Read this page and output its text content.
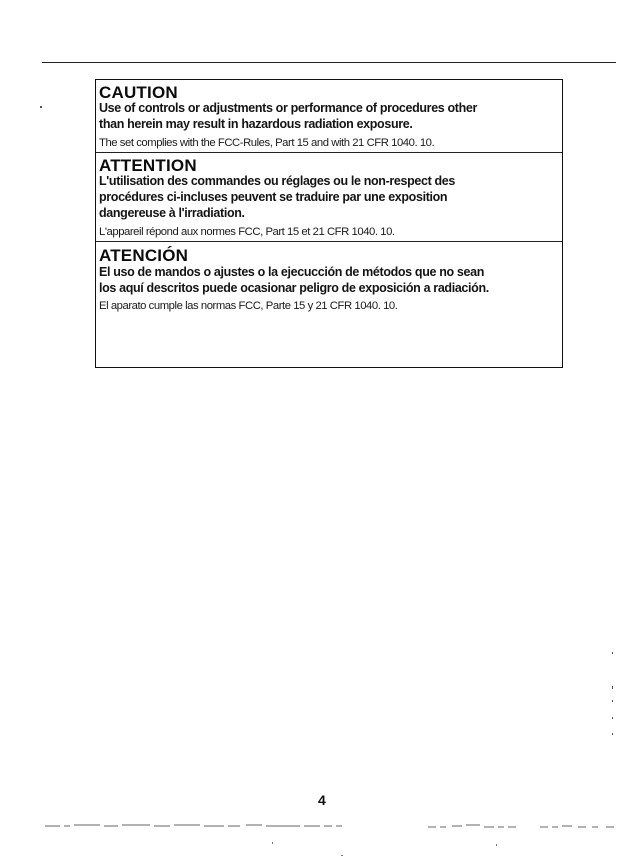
CAUTION

Use of controls or adjustments or performance of procedures other
than herein may result in hazardous radiation exposure.

The set complies with the FCC-Rules, Part 15 and with 21 CFR 1040. 10.

ATTENTION

L'utilisation des commandes ou réglages ou le non-respect des
procédures ci-incluses peuvent se traduire par une exposition
dangereuse à l'irradiation.

L'appareil répond aux normes FCC, Part 15 et 21 CFR 1040. 10.

ATENCIÓN

El uso de mandos o ajustes o la ejecucción de métodos que no sean
los aquí descritos puede ocasionar peligro de exposición a radiación.

El aparato cumple las normas FCC, Parte 15 y 21 CFR 1040. 10.

4
